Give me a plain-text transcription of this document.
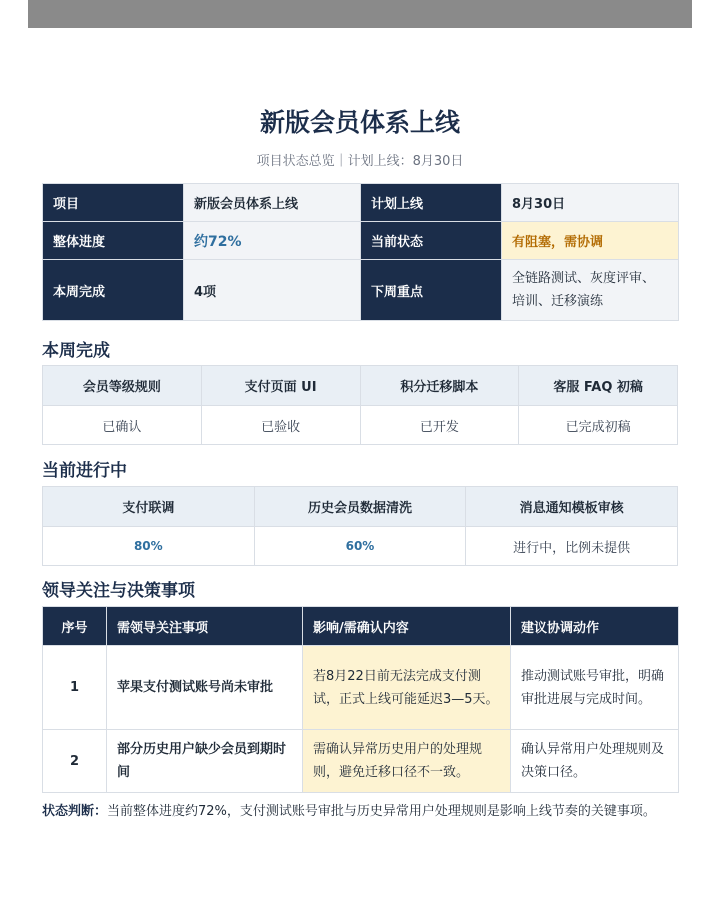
新版会员体系上线
项目状态总览｜计划上线：8月30日
项目	新版会员体系上线	计划上线	8月30日
整体进度	约72%	当前状态	有阻塞，需协调
本周完成	4项	下周重点	全链路测试、灰度评审、
培训、迁移演练
本周完成
会员等级规则	支付页面 UI	积分迁移脚本	客服 FAQ 初稿
已确认	已验收	已开发	已完成初稿
当前进行中
支付联调	历史会员数据清洗	消息通知模板审核
80%	60%	进行中，比例未提供
领导关注与决策事项
序号	需领导关注事项	影响/需确认内容	建议协调动作
1	苹果支付测试账号尚未审批	若8月22日前无法完成支付测试，正式上线可能延迟3—5天。	推动测试账号审批，明确审批进展与完成时间。
2	部分历史用户缺少会员到期时间	需确认异常历史用户的处理规则，避免迁移口径不一致。	确认异常用户处理规则及决策口径。
状态判断：当前整体进度约72%，支付测试账号审批与历史异常用户处理规则是影响上线节奏的关键事项。
